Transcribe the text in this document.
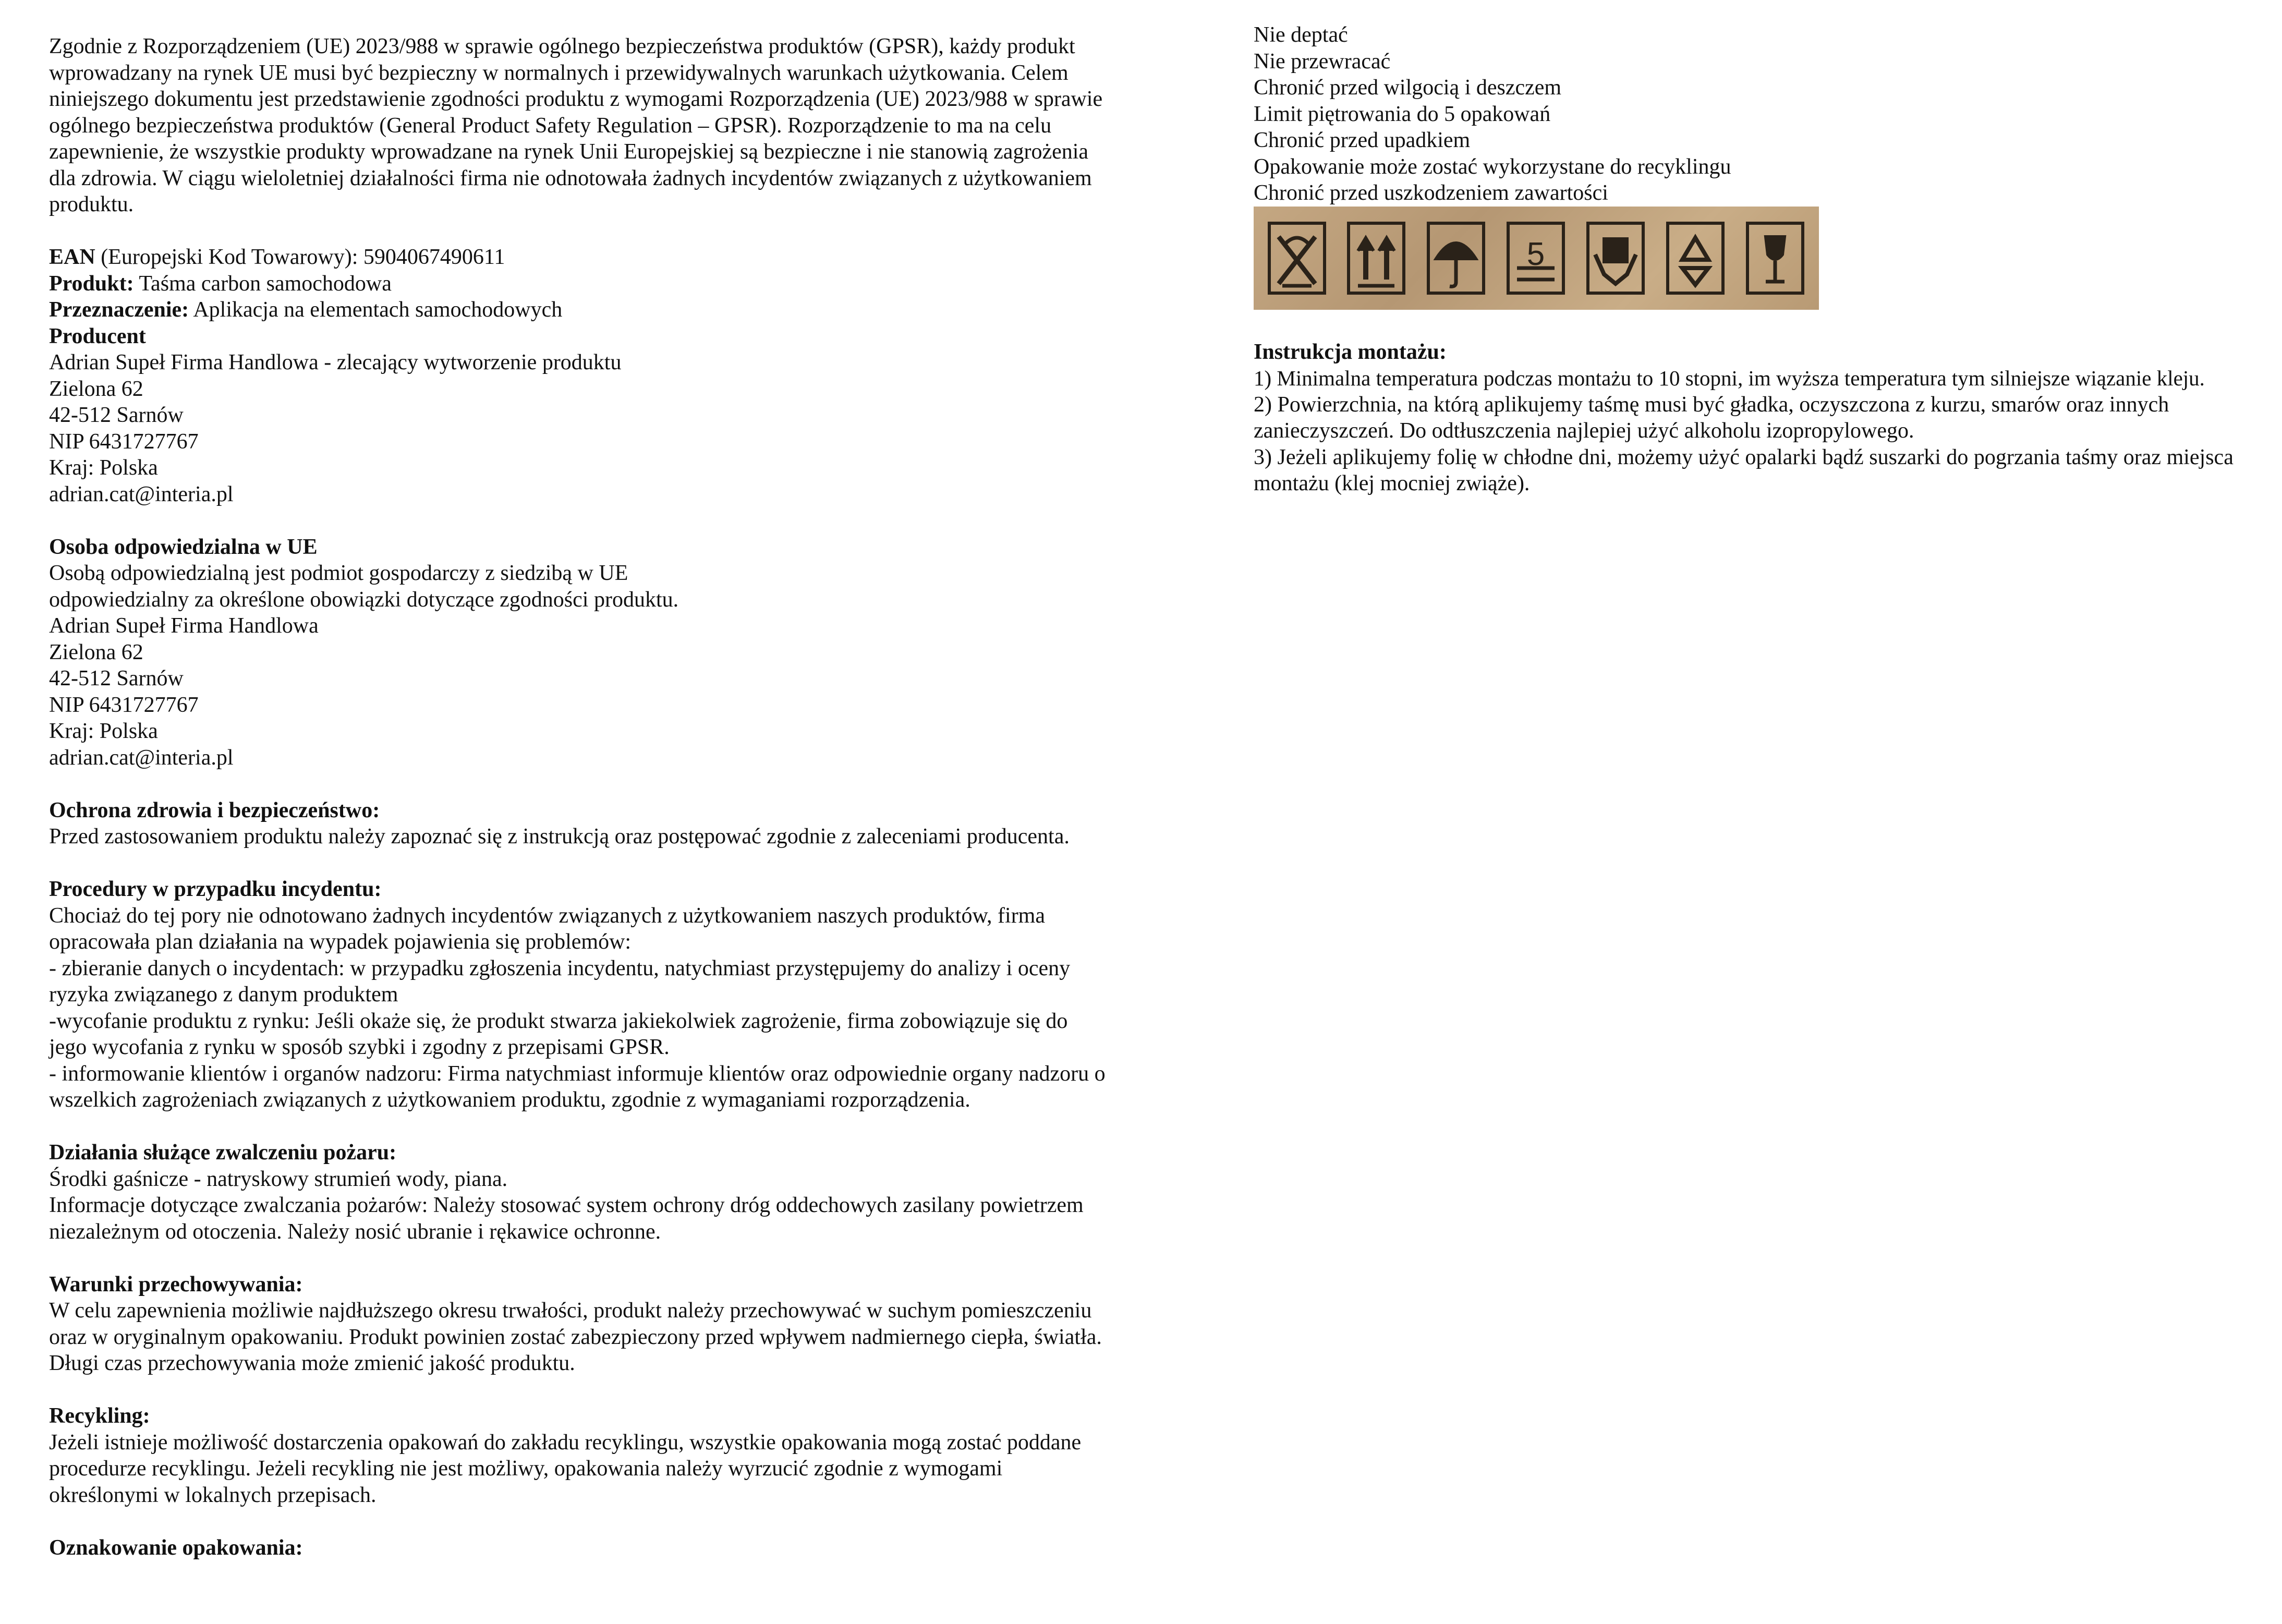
Zgodnie z Rozporządzeniem (UE) 2023/988 w sprawie ogólnego bezpieczeństwa produktów (GPSR), każdy produkt wprowadzany na rynek UE musi być bezpieczny w normalnych i przewidywalnych warunkach użytkowania. Celem niniejszego dokumentu jest przedstawienie zgodności produktu z wymogami Rozporządzenia (UE) 2023/988 w sprawie ogólnego bezpieczeństwa produktów (General Product Safety Regulation – GPSR). Rozporządzenie to ma na celu zapewnienie, że wszystkie produkty wprowadzane na rynek Unii Europejskiej są bezpieczne i nie stanowią zagrożenia dla zdrowia. W ciągu wieloletniej działalności firma nie odnotowała żadnych incydentów związanych z użytkowaniem produktu.

EAN (Europejski Kod Towarowy): 5904067490611

Produkt: Taśma carbon samochodowa

Przeznaczenie: Aplikacja na elementach samochodowych

Producent

Adrian Supeł Firma Handlowa - zlecający wytworzenie produktu

Zielona 62

42-512 Sarnów

NIP 6431727767

Kraj: Polska

adrian.cat@interia.pl

Osoba odpowiedzialna w UE

Osobą odpowiedzialną jest podmiot gospodarczy z siedzibą w UE

odpowiedzialny za określone obowiązki dotyczące zgodności produktu.

Adrian Supeł Firma Handlowa

Zielona 62

42-512 Sarnów

NIP 6431727767

Kraj: Polska

adrian.cat@interia.pl

Ochrona zdrowia i bezpieczeństwo:

Przed zastosowaniem produktu należy zapoznać się z instrukcją oraz postępować zgodnie z zaleceniami producenta.

Procedury w przypadku incydentu:

Chociaż do tej pory nie odnotowano żadnych incydentów związanych z użytkowaniem naszych produktów, firma opracowała plan działania na wypadek pojawienia się problemów:

- zbieranie danych o incydentach: w przypadku zgłoszenia incydentu, natychmiast przystępujemy do analizy i oceny ryzyka związanego z danym produktem

-wycofanie produktu z rynku: Jeśli okaże się, że produkt stwarza jakiekolwiek zagrożenie, firma zobowiązuje się do jego wycofania z rynku w sposób szybki i zgodny z przepisami GPSR.

- informowanie klientów i organów nadzoru: Firma natychmiast informuje klientów oraz odpowiednie organy nadzoru o wszelkich zagrożeniach związanych z użytkowaniem produktu, zgodnie z wymaganiami rozporządzenia.

Działania służące zwalczeniu pożaru:

Środki gaśnicze - natryskowy strumień wody, piana.

Informacje dotyczące zwalczania pożarów: Należy stosować system ochrony dróg oddechowych zasilany powietrzem niezależnym od otoczenia. Należy nosić ubranie i rękawice ochronne.

Warunki przechowywania:

W celu zapewnienia możliwie najdłuższego okresu trwałości, produkt należy przechowywać w suchym pomieszczeniu oraz w oryginalnym opakowaniu. Produkt powinien zostać zabezpieczony przed wpływem nadmiernego ciepła, światła. Długi czas przechowywania może zmienić jakość produktu.

Recykling:

Jeżeli istnieje możliwość dostarczenia opakowań do zakładu recyklingu, wszystkie opakowania mogą zostać poddane procedurze recyklingu. Jeżeli recykling nie jest możliwy, opakowania należy wyrzucić zgodnie z wymogami określonymi w lokalnych przepisach.

Oznakowanie opakowania:

Nie deptać

Nie przewracać

Chronić przed wilgocią i deszczem

Limit piętrowania do 5 opakowań

Chronić przed upadkiem

Opakowanie może zostać wykorzystane do recyklingu

Chronić przed uszkodzeniem zawartości

5

Instrukcja montażu:

1) Minimalna temperatura podczas montażu to 10 stopni, im wyższa temperatura tym silniejsze wiązanie kleju.

2) Powierzchnia, na którą aplikujemy taśmę musi być gładka, oczyszczona z kurzu, smarów oraz innych zanieczyszczeń. Do odtłuszczenia najlepiej użyć alkoholu izopropylowego.

3) Jeżeli aplikujemy folię w chłodne dni, możemy użyć opalarki bądź suszarki do pogrzania taśmy oraz miejsca montażu (klej mocniej zwiąże).
